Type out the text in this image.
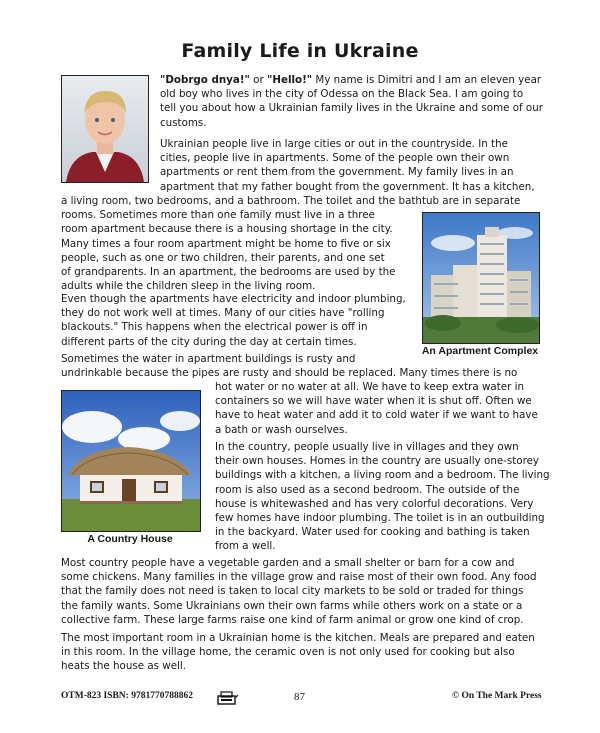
Family Life in Ukraine

"Dobrgo dnya!" or "Hello!" My name is Dimitri and I am an eleven year
old boy who lives in the city of Odessa on the Black Sea. I am going to
tell you about how a Ukrainian family lives in the Ukraine and some of our
customs.

Ukrainian people live in large cities or out in the countryside. In the
cities, people live in apartments. Some of the people own their own
apartments or rent them from the government. My family lives in an
apartment that my father bought from the government. It has a kitchen,

a living room, two bedrooms, and a bathroom. The toilet and the bathtub are in separate
rooms. Sometimes more than one family must live in a three
room apartment because there is a housing shortage in the city.
Many times a four room apartment might be home to five or six
people, such as one or two children, their parents, and one set
of grandparents. In an apartment, the bedrooms are used by the
adults while the children sleep in the living room.

An Apartment Complex

Even though the apartments have electricity and indoor plumbing,
they do not work well at times. Many of our cities have "rolling
blackouts." This happens when the electrical power is off in
different parts of the city during the day at certain times.

Sometimes the water in apartment buildings is rusty and
undrinkable because the pipes are rusty and should be replaced. Many times there is no

hot water or no water at all. We have to keep extra water in
containers so we will have water when it is shut off. Often we
have to heat water and add it to cold water if we want to have
a bath or wash ourselves.

A Country House

In the country, people usually live in villages and they own
their own houses. Homes in the country are usually one-storey
buildings with a kitchen, a living room and a bedroom. The living
room is also used as a second bedroom. The outside of the
house is whitewashed and has very colorful decorations. Very
few homes have indoor plumbing. The toilet is in an outbuilding
in the backyard. Water used for cooking and bathing is taken
from a well.

Most country people have a vegetable garden and a small shelter or barn for a cow and
some chickens. Many families in the village grow and raise most of their own food. Any food
that the family does not need is taken to local city markets to be sold or traded for things
the family wants. Some Ukrainians own their own farms while others work on a state or a
collective farm. These large farms raise one kind of farm animal or grow one kind of crop.

The most important room in a Ukrainian home is the kitchen. Meals are prepared and eaten
in this room. In the village home, the ceramic oven is not only used for cooking but also
heats the house as well.

OTM-823 ISBN: 9781770788862	87	© On The Mark Press
